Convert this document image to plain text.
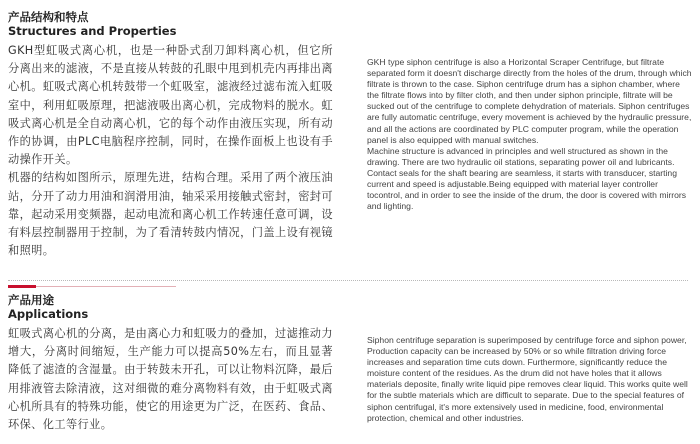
产品结构和特点
Structures and Properties
GKH型虹吸式离心机，也是一种卧式刮刀卸料离心机，但它所分离出来的滤液，不是直接从转鼓的孔眼中甩到机壳内再排出离心机。虹吸式离心机转鼓带一个虹吸室，滤液经过滤布流入虹吸室中，利用虹吸原理，把滤液吸出离心机，完成物料的脱水。虹吸式离心机是全自动离心机，它的每个动作由液压实现，所有动作的协调，由PLC电脑程序控制，同时，在操作面板上也设有手动操作开关。
机器的结构如图所示，原理先进，结构合理。采用了两个液压油站，分开了动力用油和润滑用油，轴采采用接触式密封，密封可靠，起动采用变频器，起动电流和离心机工作转速任意可调，设有料层控制器用于控制，为了看清转鼓内情况，门盖上设有视镜和照明。
GKH type siphon centrifuge is also a Horizontal Scraper Centrifuge, but filtrate separated form it doesn't discharge directly from the holes of the drum, through which filtrate is thrown to the case. Siphon centrifuge drum has a siphon chamber, where the filtrate flows into by filter cloth, and then under siphon principle, filtrate will be sucked out of the centrifuge to complete dehydration of materials. Siphon centrifuges are fully automatic centrifuge, every movement is achieved by the hydraulic pressure, and all the actions are coordinated by PLC computer program, while the operation panel is also equipped with manual switches.
Machine structure is advanced in principles and well structured as shown in the drawing. There are two hydraulic oil stations, separating power oil and lubricants. Contact seals for the shaft bearing are seamless, it starts with transducer, starting current and speed is adjustable.Being equipped with material layer controller tocontrol, and in order to see the inside of the drum, the door is covered with mirrors and lighting.
产品用途
Applications
虹吸式离心机的分离，是由离心力和虹吸力的叠加，过滤推动力增大，分离时间缩短，生产能力可以提高50%左右，而且显著降低了滤渣的含湿量。由于转鼓未开孔，可以让物料沉降，最后用排液管去除清液，这对细微的难分离物料有效，由于虹吸式离心机所具有的特殊功能，使它的用途更为广泛，在医药、食品、环保、化工等行业。
Siphon centrifuge separation is superimposed by centrifuge force and siphon power, Production capacity can be increased by 50% or so while filtration driving force increases and separation time cuts down. Furthermore, significantly reduce the moisture content of the residues. As the drum did not have holes that it allows materials deposite, finally write liquid pipe removes clear liquid. This works quite well for the subtle materials which are difficult to separate. Due to the special features of siphon centrifugal, it's more extensively used in medicine, food, environmental protection, chemical and other industries.
